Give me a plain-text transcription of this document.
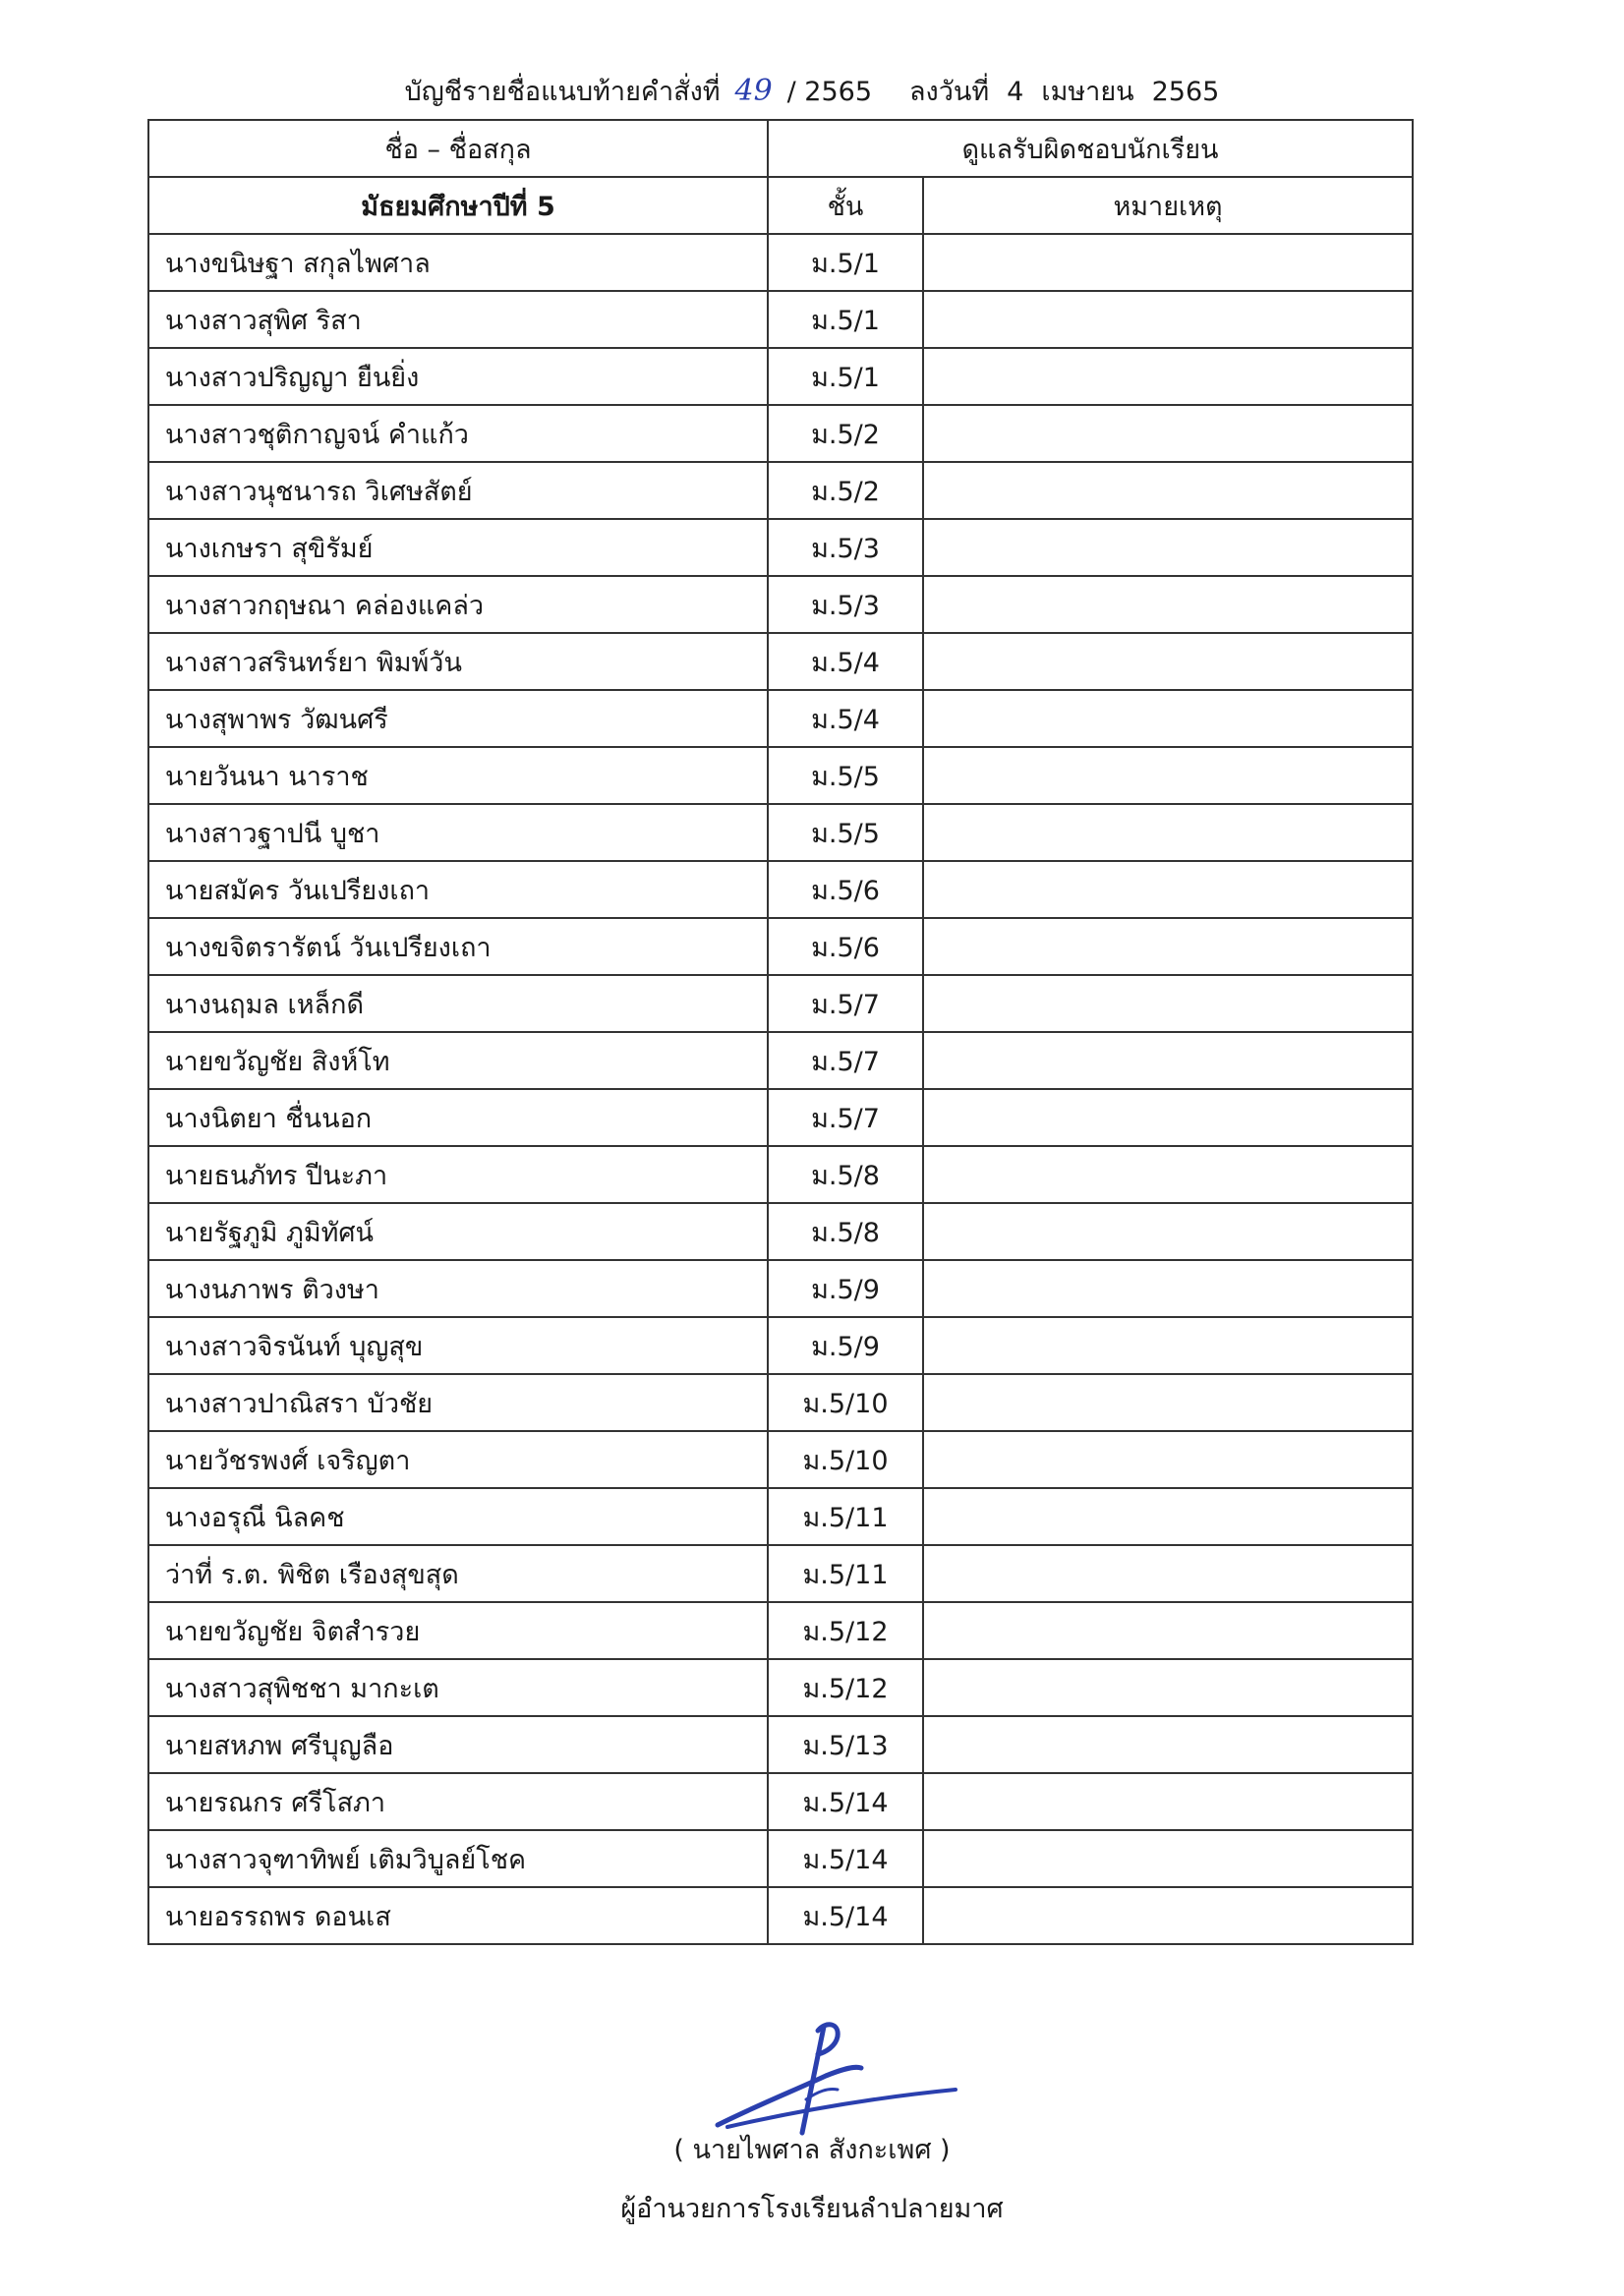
บัญชีรายชื่อแนบท้ายคำสั่งที่ 49 / 2565 ลงวันที่ 4 เมษายน 2565
ชื่อ – ชื่อสกุล	ดูแลรับผิดชอบนักเรียน	
มัธยมศึกษาปีที่ 5	ชั้น	หมายเหตุ
นางขนิษฐา สกุลไพศาล	ม.5/1	
นางสาวสุพิศ ริสา	ม.5/1	
นางสาวปริญญา ยืนยิ่ง	ม.5/1	
นางสาวชุติกาญจน์ คำแก้ว	ม.5/2	
นางสาวนุชนารถ วิเศษสัตย์	ม.5/2	
นางเกษรา สุขิรัมย์	ม.5/3	
นางสาวกฤษณา คล่องแคล่ว	ม.5/3	
นางสาวสรินทร์ยา พิมพ์วัน	ม.5/4	
นางสุพาพร วัฒนศรี	ม.5/4	
นายวันนา นาราช	ม.5/5	
นางสาวฐาปนี บูชา	ม.5/5	
นายสมัคร วันเปรียงเถา	ม.5/6	
นางขจิตรารัตน์ วันเปรียงเถา	ม.5/6	
นางนฤมล เหล็กดี	ม.5/7	
นายขวัญชัย สิงห์โท	ม.5/7	
นางนิตยา ชื่นนอก	ม.5/7	
นายธนภัทร ปีนะภา	ม.5/8	
นายรัฐภูมิ ภูมิทัศน์	ม.5/8	
นางนภาพร ติวงษา	ม.5/9	
นางสาวจิรนันท์ บุญสุข	ม.5/9	
นางสาวปาณิสรา บัวชัย	ม.5/10	
นายวัชรพงศ์ เจริญตา	ม.5/10	
นางอรุณี นิลคช	ม.5/11	
ว่าที่ ร.ต. พิชิต เรืองสุขสุด	ม.5/11	
นายขวัญชัย จิตสำรวย	ม.5/12	
นางสาวสุพิชชา มากะเต	ม.5/12	
นายสหภพ ศรีบุญลือ	ม.5/13	
นายรณกร ศรีโสภา	ม.5/14	
นางสาวจุฑาทิพย์ เติมวิบูลย์โชค	ม.5/14	
นายอรรถพร ดอนเส	ม.5/14	
( นายไพศาล สังกะเพศ )
ผู้อำนวยการโรงเรียนลำปลายมาศ
